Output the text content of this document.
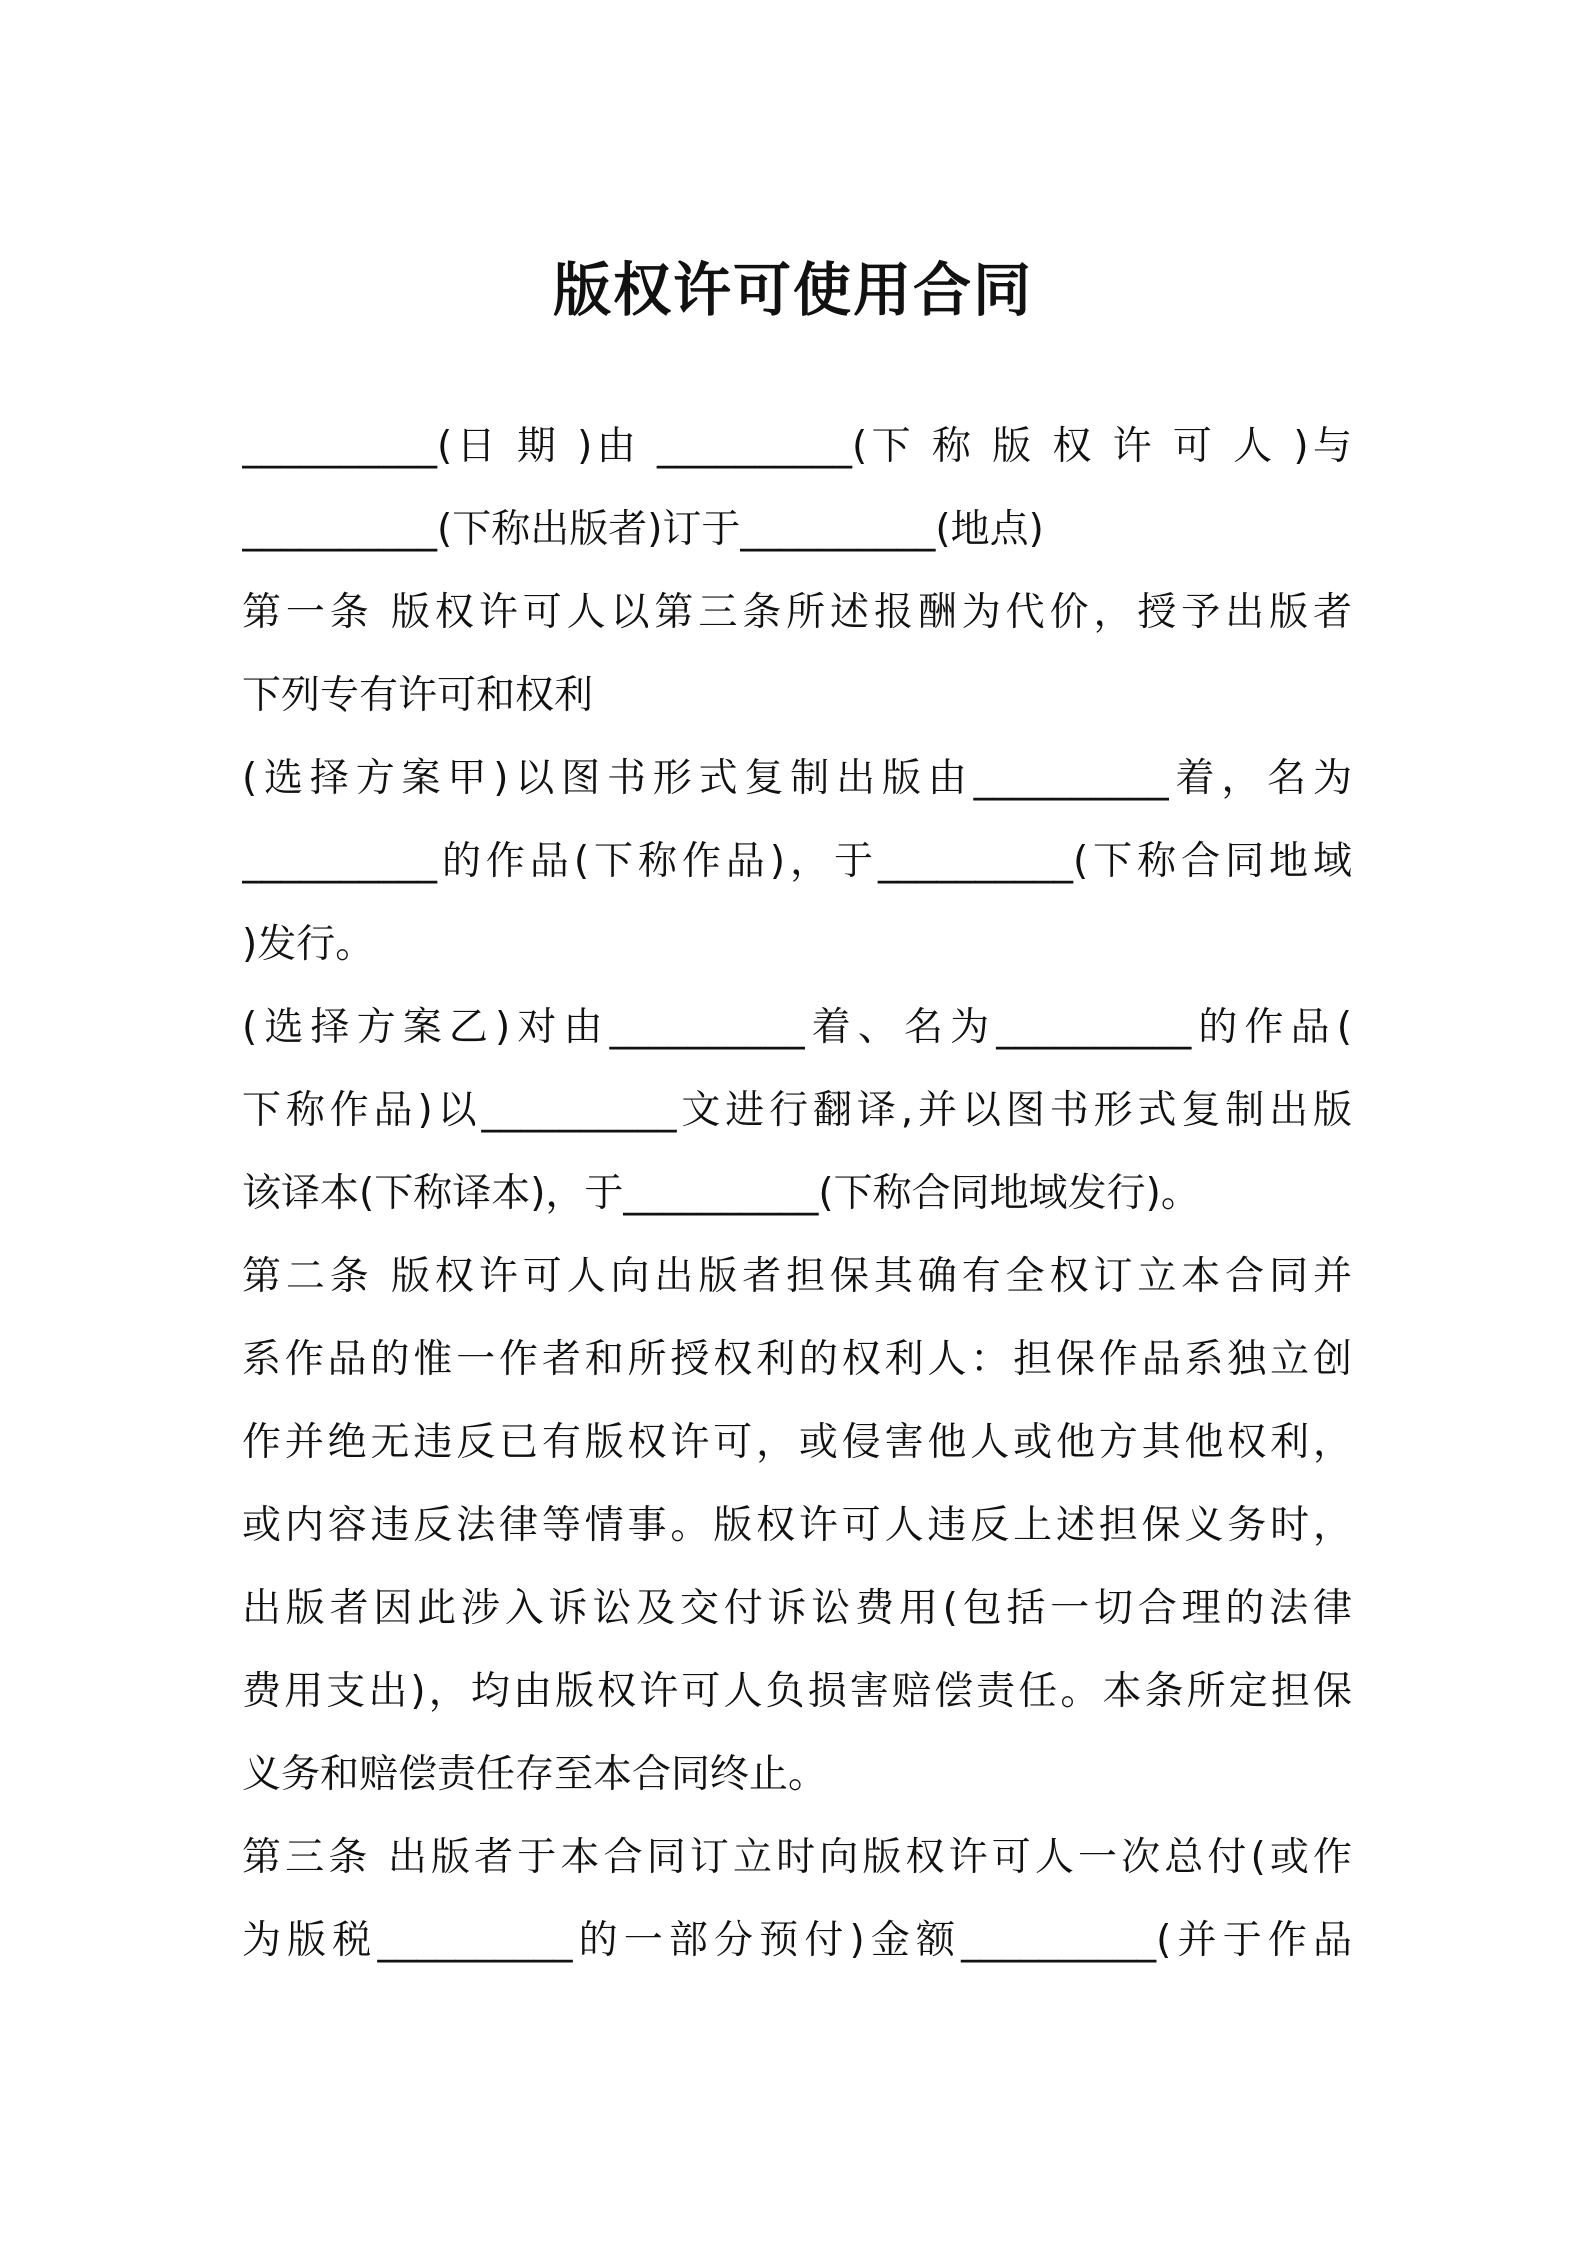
版权许可使用合同
__________(日 期 )由 __________(下 称 版 权 许 可 人 )与
__________(下称出版者)订于__________(地点)
第一条 版权许可人以第三条所述报酬为代价，授予出版者
下列专有许可和权利
(选择方案甲)以图书形式复制出版由__________着，名为
__________的作品(下称作品)，于__________(下称合同地域
)发行。
(选择方案乙)对由__________着、名为__________的作品(
下称作品)以__________文进行翻译,并以图书形式复制出版
该译本(下称译本)，于__________(下称合同地域发行)。
第二条 版权许可人向出版者担保其确有全权订立本合同并
系作品的惟一作者和所授权利的权利人：担保作品系独立创
作并绝无违反已有版权许可，或侵害他人或他方其他权利，
或内容违反法律等情事。版权许可人违反上述担保义务时，
出版者因此涉入诉讼及交付诉讼费用(包括一切合理的法律
费用支出)，均由版权许可人负损害赔偿责任。本条所定担保
义务和赔偿责任存至本合同终止。
第三条 出版者于本合同订立时向版权许可人一次总付(或作
为版税__________的一部分预付)金额__________(并于作品
